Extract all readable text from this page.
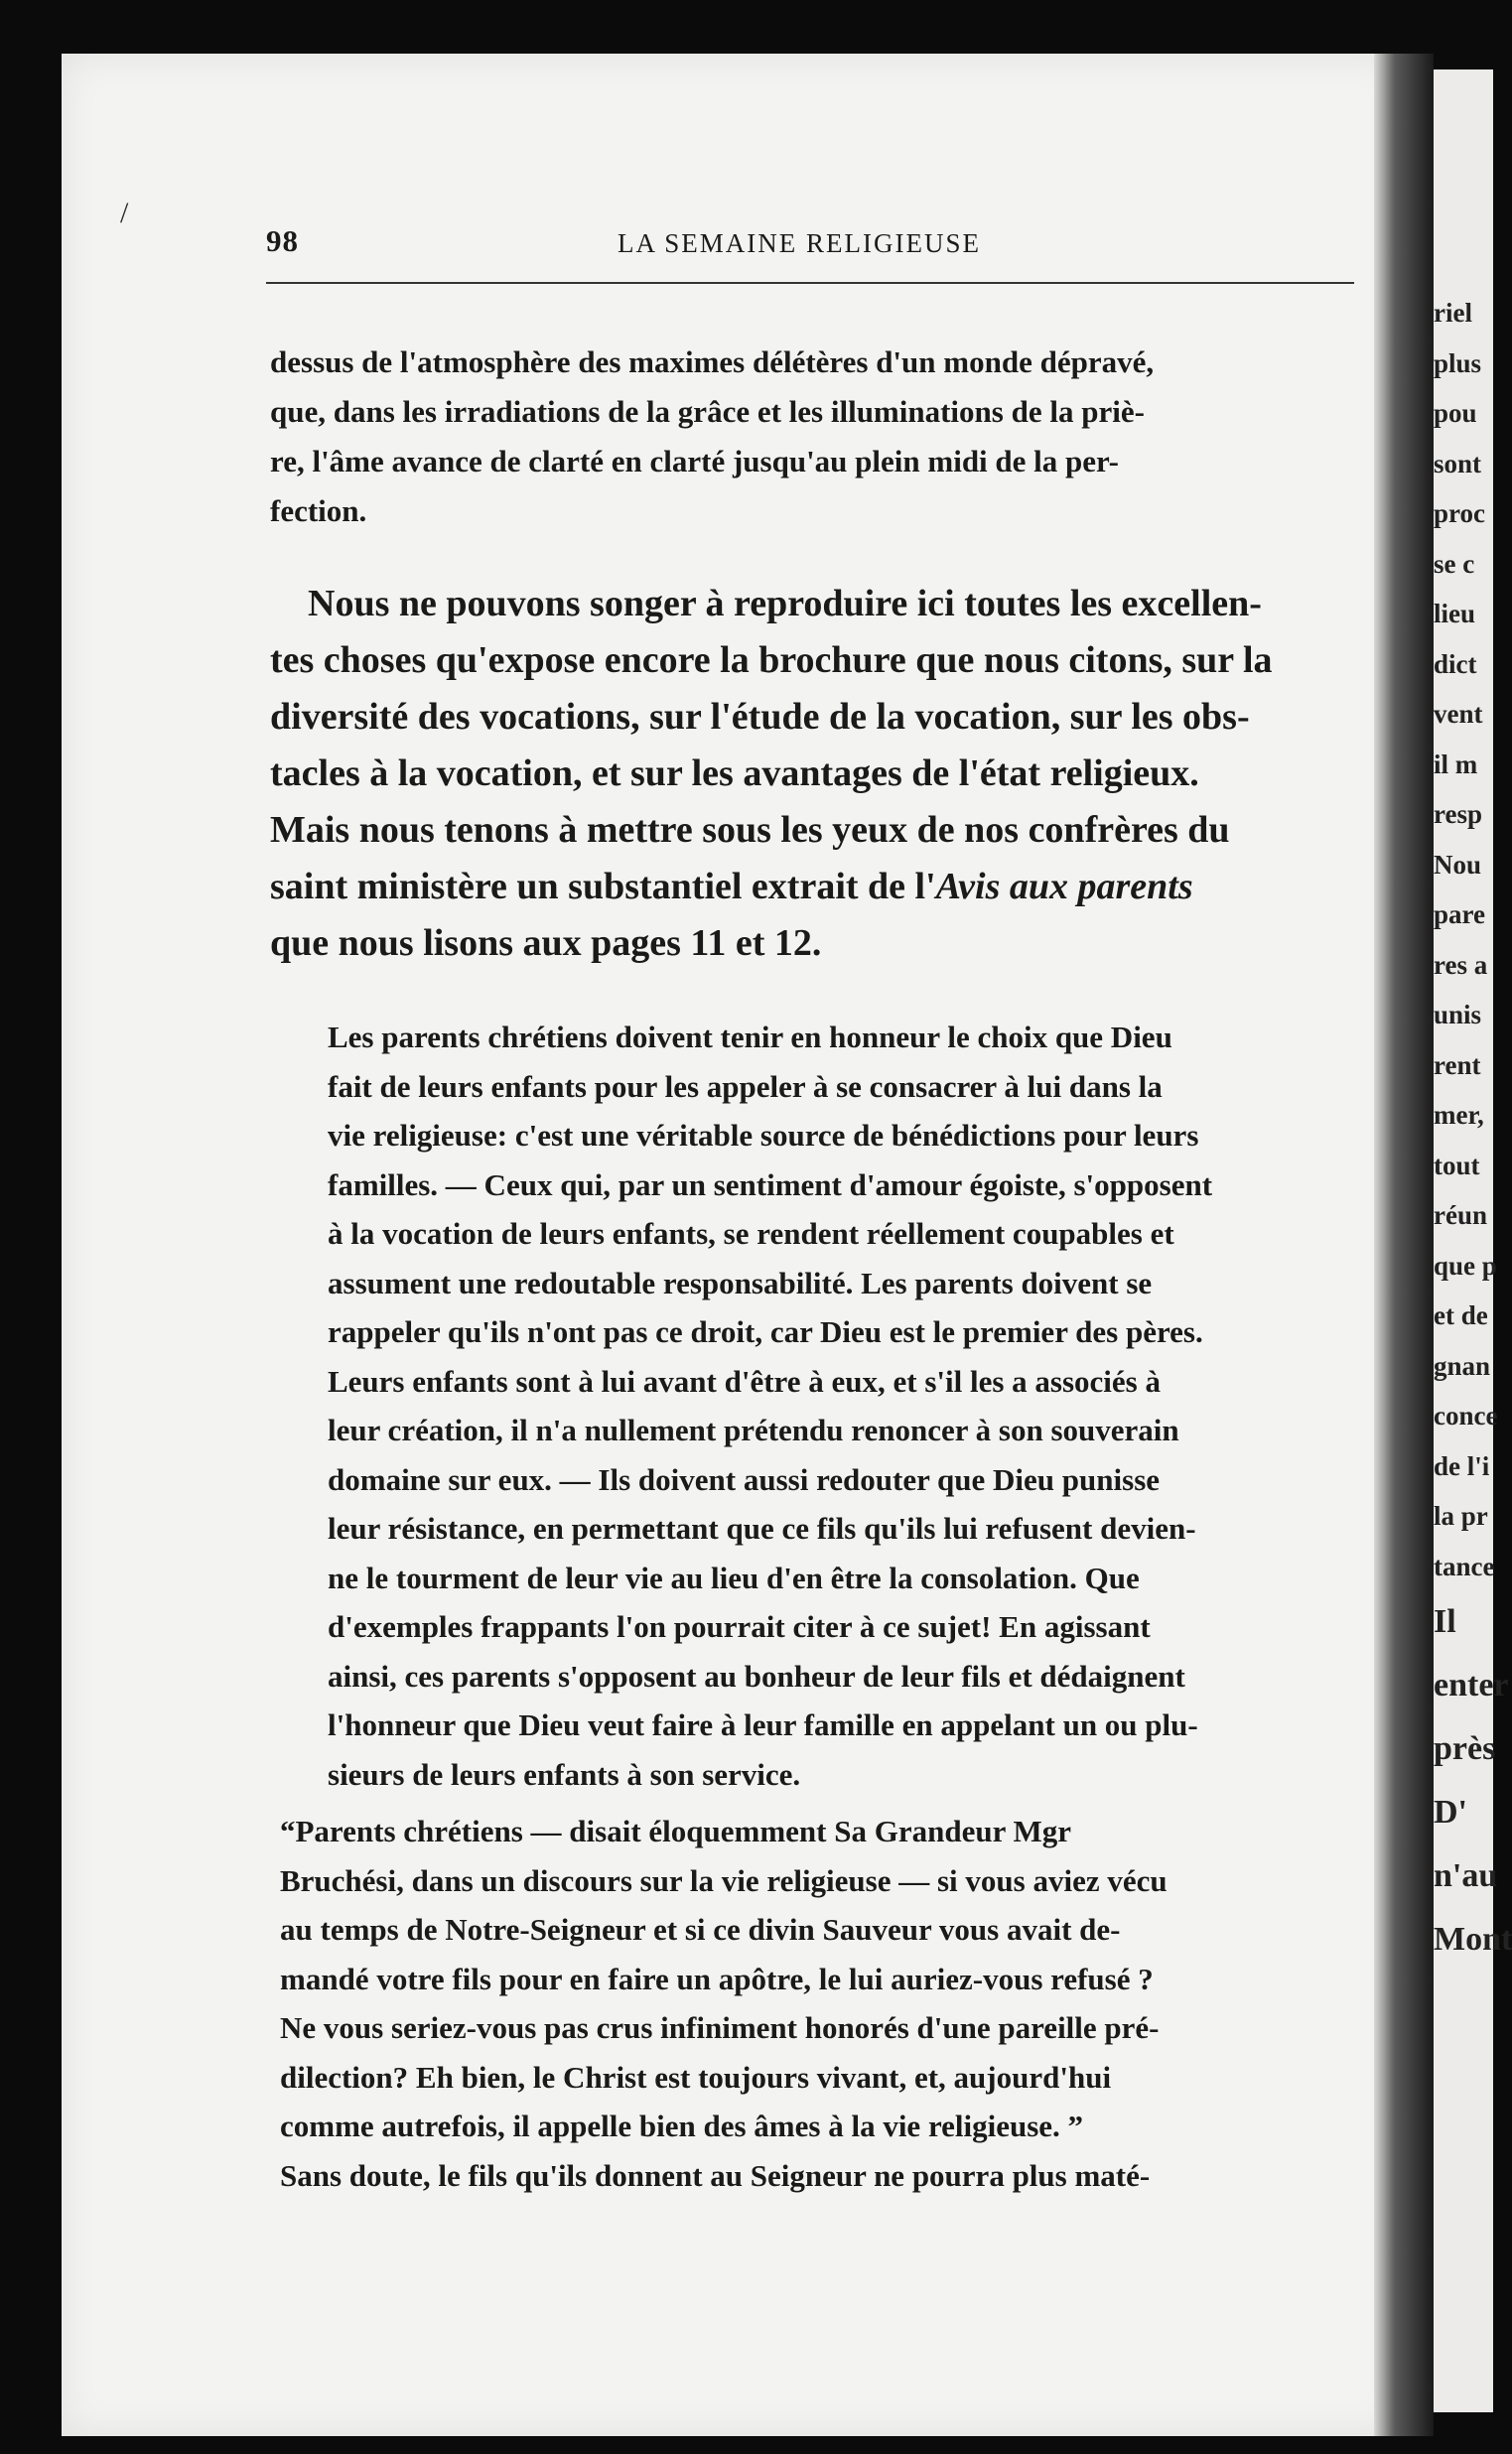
riel
plus
pou
sont
proc
se c
lieu
dict
vent
il m
resp
Nou
pare
res a
unis
rent
mer,
tout
réun
que p
et de
gnan
conce
de l'i
la pr
tance
Il
enter
près
D'
n'au
Mont
/
98	LA SEMAINE RELIGIEUSE
dessus de l'atmosphère des maximes délétères d'un monde dépravé,
que, dans les irradiations de la grâce et les illuminations de la priè-
re, l'âme avance de clarté en clarté jusqu'au plein midi de la per-
fection.
Nous ne pouvons songer à reproduire ici toutes les excellen-
tes choses qu'expose encore la brochure que nous citons, sur la
diversité des vocations, sur l'étude de la vocation, sur les obs-
tacles à la vocation, et sur les avantages de l'état religieux.
Mais nous tenons à mettre sous les yeux de nos confrères du
saint ministère un substantiel extrait de l'Avis aux parents
que nous lisons aux pages 11 et 12.
Les parents chrétiens doivent tenir en honneur le choix que Dieu
fait de leurs enfants pour les appeler à se consacrer à lui dans la
vie religieuse: c'est une véritable source de bénédictions pour leurs
familles. — Ceux qui, par un sentiment d'amour égoiste, s'opposent
à la vocation de leurs enfants, se rendent réellement coupables et
assument une redoutable responsabilité. Les parents doivent se
rappeler qu'ils n'ont pas ce droit, car Dieu est le premier des pères.
Leurs enfants sont à lui avant d'être à eux, et s'il les a associés à
leur création, il n'a nullement prétendu renoncer à son souverain
domaine sur eux. — Ils doivent aussi redouter que Dieu punisse
leur résistance, en permettant que ce fils qu'ils lui refusent devien-
ne le tourment de leur vie au lieu d'en être la consolation. Que
d'exemples frappants l'on pourrait citer à ce sujet! En agissant
ainsi, ces parents s'opposent au bonheur de leur fils et dédaignent
l'honneur que Dieu veut faire à leur famille en appelant un ou plu-
sieurs de leurs enfants à son service.
“Parents chrétiens — disait éloquemment Sa Grandeur Mgr
Bruchési, dans un discours sur la vie religieuse — si vous aviez vécu
au temps de Notre-Seigneur et si ce divin Sauveur vous avait de-
mandé votre fils pour en faire un apôtre, le lui auriez-vous refusé ?
Ne vous seriez-vous pas crus infiniment honorés d'une pareille pré-
dilection? Eh bien, le Christ est toujours vivant, et, aujourd'hui
comme autrefois, il appelle bien des âmes à la vie religieuse. ”
Sans doute, le fils qu'ils donnent au Seigneur ne pourra plus maté-
